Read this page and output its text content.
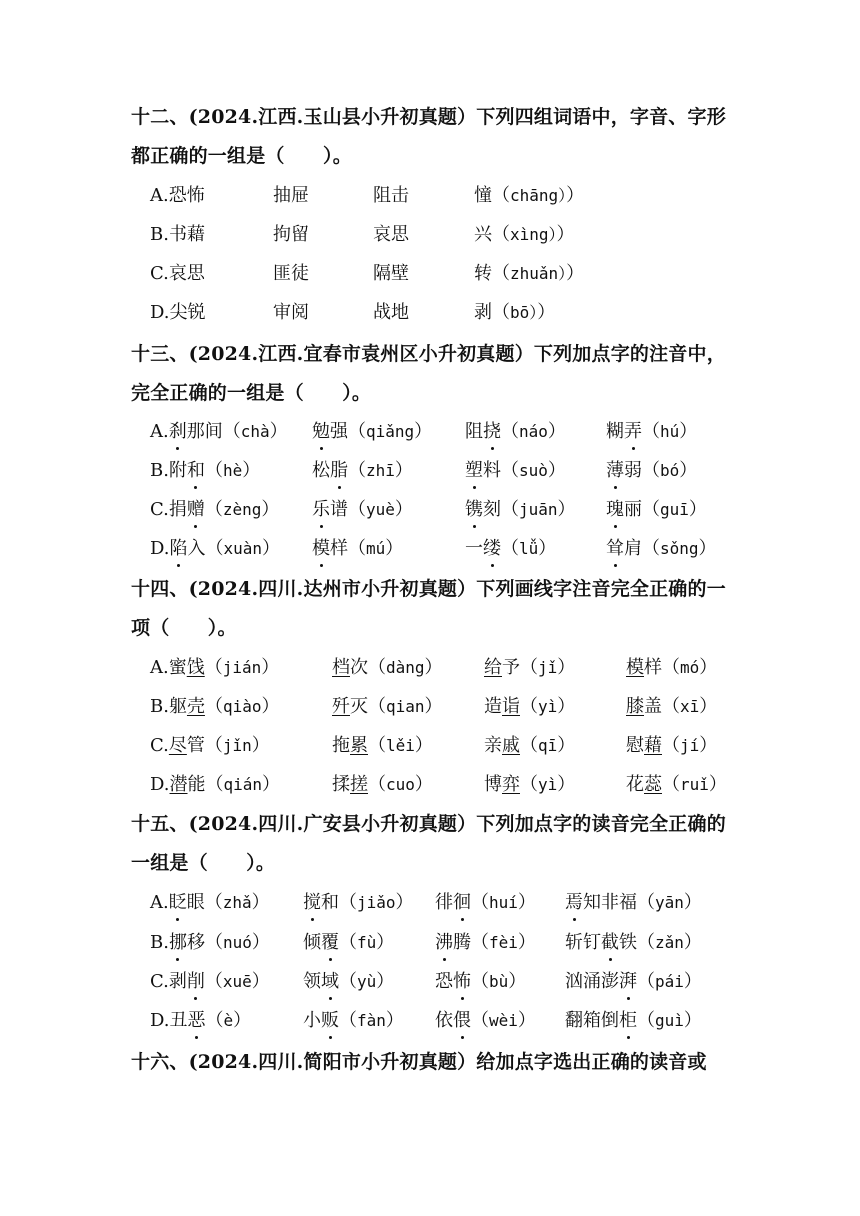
十二、(2024.江西.玉山县小升初真题）下列四组词语中，字音、字形都正确的一组是（　　）。
A.恐怖	抽屉	阻击	憧（chāng））
B.书藉	拘留	哀思	兴（xìng））
C.哀思	匪徒	隔壁	转（zhuǎn））
D.尖锐	审阅	战地	剥（bō））
十三、(2024.江西.宜春市袁州区小升初真题）下列加点字的注音中，完全正确的一组是（　　）。
A.刹那间（chà） 勉强（qiǎng） 阻挠（náo） 糊弄（hú）
B.附和（hè）	松脂（zhī）	塑料（suò） 薄弱（bó）
C.捐赠（zèng） 乐谱（yuè）	镌刻（juān） 瑰丽（guī）
D.陷入（xuàn） 模样（mú）	一缕（lǚ）	耸肩（sǒng）
十四、(2024.四川.达州市小升初真题）下列画线字注音完全正确的一项（　　）。
A.蜜饯（jián）	档次（dàng） 给予（jǐ）	模样（mó）
B.躯壳（qiào）	歼灭（qian） 造诣（yì）	膝盖（xī）
C.尽管（jǐn）	拖累（lěi）	亲戚（qī）	慰藉（jí）
D.潜能（qián）	揉搓（cuo）	博弈（yì）	花蕊（ruǐ）
十五、(2024.四川.广安县小升初真题）下列加点字的读音完全正确的一组是（　　）。
A.眨眼（zhǎ） 搅和（jiǎo） 徘徊（huí） 焉知非福（yān）
B.挪移（nuó） 倾覆（fù） 沸腾（fèi） 斩钉截铁（zǎn）
C.剥削（xuē） 领域（yù） 恐怖（bù） 汹涌澎湃（pái）
D.丑恶（è）	小贩（fàn） 依偎（wèi） 翻箱倒柜（guì）
十六、(2024.四川.简阳市小升初真题）给加点字选出正确的读音或
